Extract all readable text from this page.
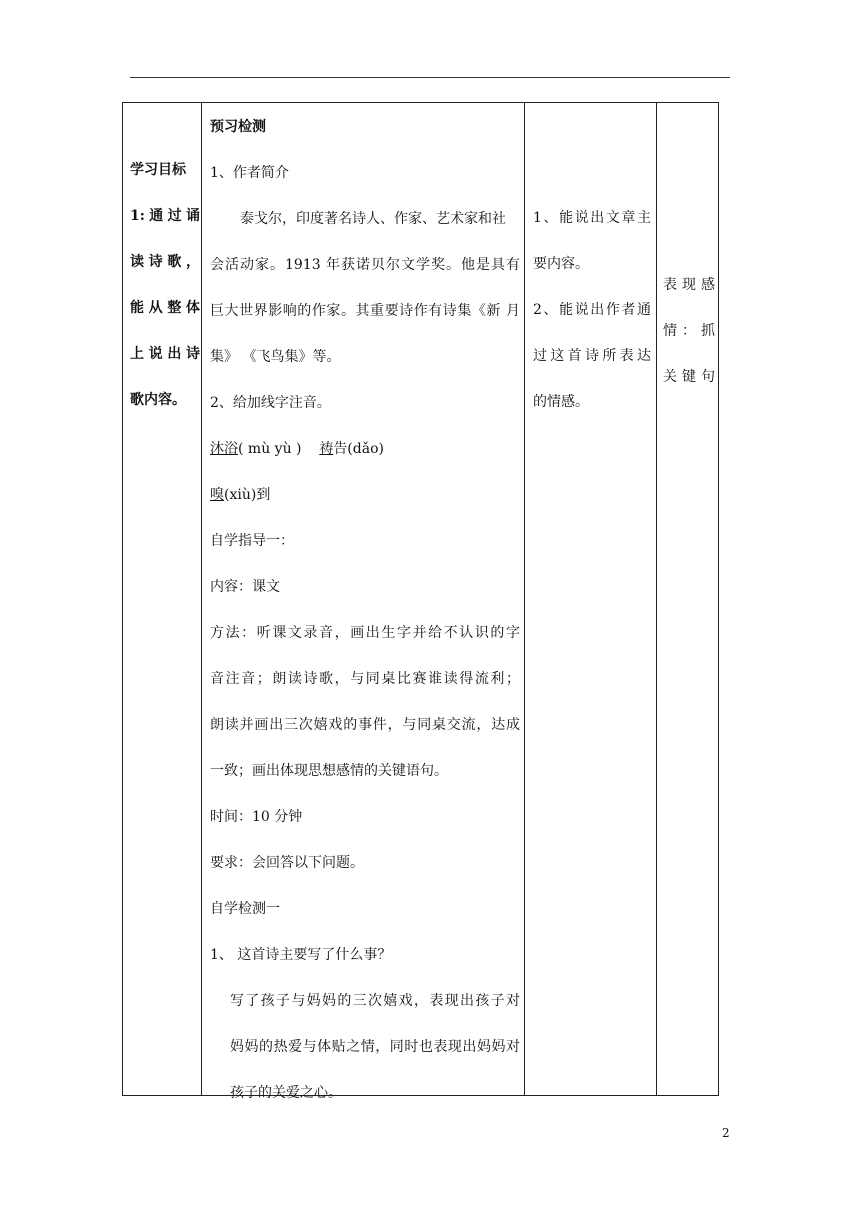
学习目标
1:通过诵
读诗歌，
能从整体
上说出诗
歌内容。
预习检测
1、作者简介
泰戈尔，印度著名诗人、作家、艺术家和社
会活动家。1913 年获诺贝尔文学奖。他是具有
巨大世界影响的作家。其重要诗作有诗集《新 月
集》 《飞鸟集》等。
2、给加线字注音。
沐浴( mù yù ) 祷告(dǎo)
嗅(xiù)到
自学指导一：
内容：课文
方法：听课文录音，画出生字并给不认识的字
音注音；朗读诗歌，与同桌比赛谁读得流利；
朗读并画出三次嬉戏的事件，与同桌交流，达成
一致；画出体现思想感情的关键语句。
时间：10 分钟
要求：会回答以下问题。
自学检测一
1、 这首诗主要写了什么事？
写了孩子与妈妈的三次嬉戏，表现出孩子对
妈妈的热爱与体贴之情，同时也表现出妈妈对
孩子的关爱之心。
1、能说出文章主
要内容。
2、能说出作者通
过这首诗所表达
的情感。
表现感
情：抓
关键句
2
